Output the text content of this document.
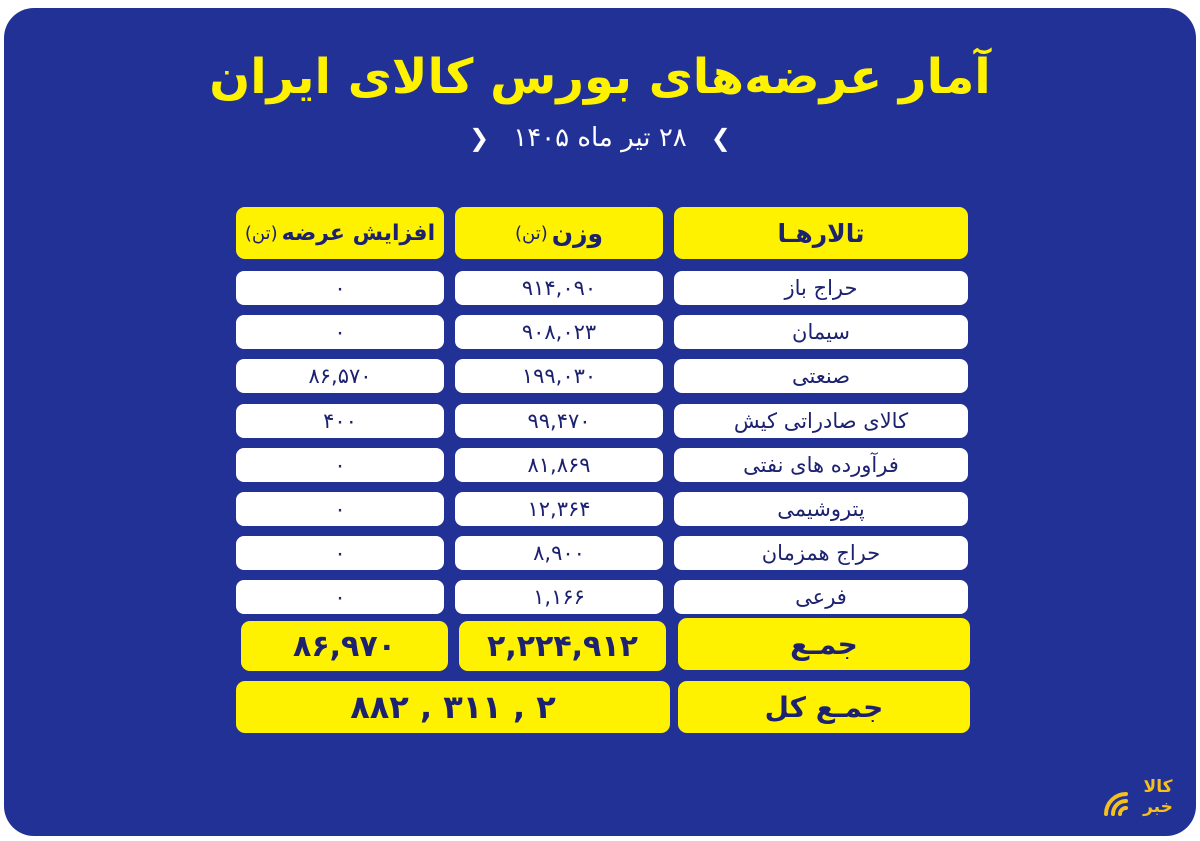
آمار عرضه‌های بورس کالای ایران
❯
۲۸ تیر ماه ۱۴۰۵
❮
تالارهـا
وزن
(تن)
افزایش عرضه
(تن)
حراج باز
۹۱۴,۰۹۰
۰
سیمان
۹۰۸,۰۲۳
۰
صنعتی
۱۹۹,۰۳۰
۸۶,۵۷۰
کالای صادراتی کیش
۹۹,۴۷۰
۴۰۰
فرآورده های نفتی
۸۱,۸۶۹
۰
پتروشیمی
۱۲,۳۶۴
۰
حراج همزمان
۸,۹۰۰
۰
فرعی
۱,۱۶۶
۰
جمـع
۲,۲۲۴,۹۱۲
۸۶,۹۷۰
جمـع کل
۲ , ۳۱۱ , ۸۸۲
کالا
خبر
